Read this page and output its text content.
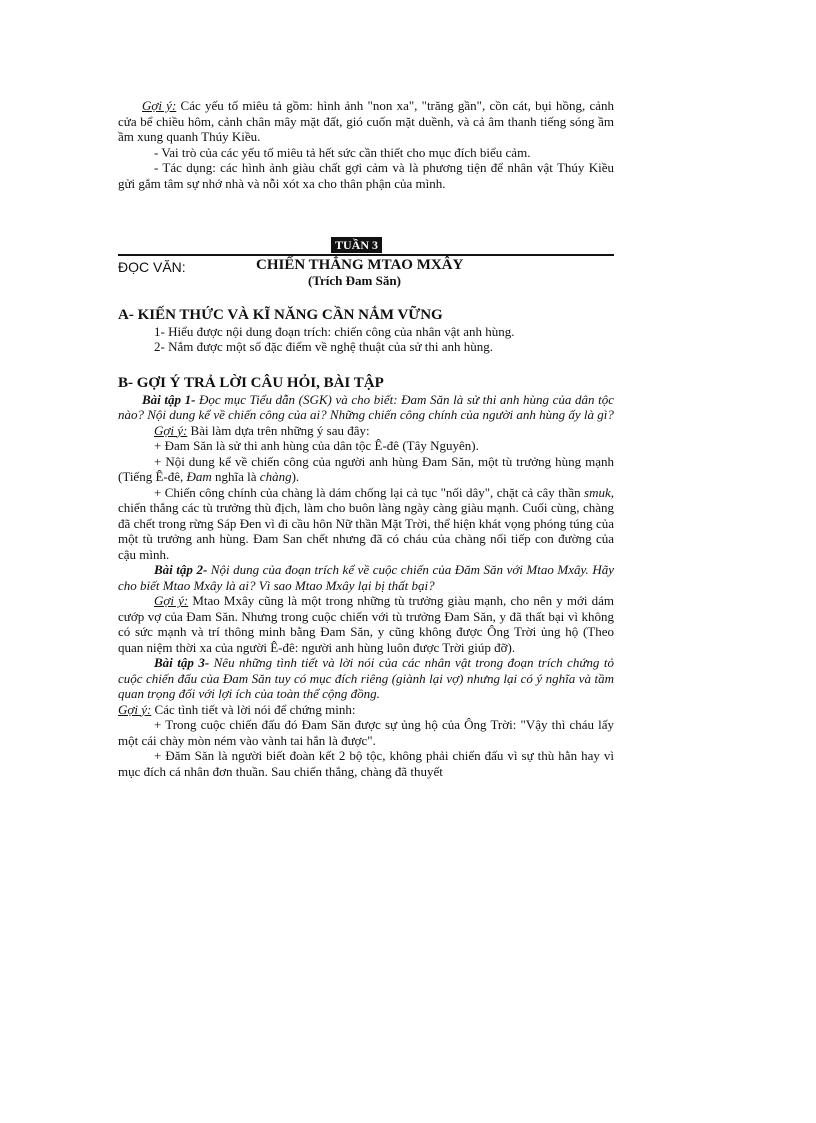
Gợi ý: Các yếu tố miêu tả gồm: hình ảnh "non xa", "trăng gần", cồn cát, bụi hồng, cảnh cửa bể chiều hôm, cảnh chân mây mặt đất, gió cuốn mặt duềnh, và cả âm thanh tiếng sóng ầm ầm xung quanh Thúy Kiều.

- Vai trò của các yếu tố miêu tả hết sức cần thiết cho mục đích biểu cảm.

- Tác dụng: các hình ảnh giàu chất gợi cảm và là phương tiện để nhân vật Thúy Kiều gửi gắm tâm sự nhớ nhà và nỗi xót xa cho thân phận của mình.

TUẦN 3
ĐỌC VĂN:	CHIẾN THẮNG MTAO MXÂY

(Trích Đam Săn)

A- KIẾN THỨC VÀ KĨ NĂNG CẦN NẮM VỮNG
1- Hiểu được nội dung đoạn trích: chiến công của nhân vật anh hùng.
2- Nắm được một số đặc điểm về nghệ thuật của sử thi anh hùng.
B- GỢI Ý TRẢ LỜI CÂU HỎI, BÀI TẬP

Bài tập 1- Đọc mục Tiểu dẫn (SGK) và cho biết: Đam Săn là sử thi anh hùng của dân tộc nào? Nội dung kể về chiến công của ai? Những chiến công chính của người anh hùng ấy là gì?

Gợi ý: Bài làm dựa trên những ý sau đây:

+ Đam Săn là sử thi anh hùng của dân tộc Ê-đê (Tây Nguyên).

+ Nội dung kể về chiến công của người anh hùng Đam Săn, một tù trưởng hùng mạnh (Tiếng Ê-đê, Đam nghĩa là chàng).

+ Chiến công chính của chàng là dám chống lại cả tục "nối dây", chặt cả cây thần smuk, chiến thắng các tù trưởng thù địch, làm cho buôn làng ngày càng giàu mạnh. Cuối cùng, chàng đã chết trong rừng Sáp Đen vì đi cầu hôn Nữ thần Mặt Trời, thể hiện khát vọng phóng túng của một tù trưởng anh hùng. Đam San chết nhưng đã có cháu của chàng nối tiếp con đường của cậu mình.

Bài tập 2- Nội dung của đoạn trích kể về cuộc chiến của Đăm Săn với Mtao Mxây. Hãy cho biết Mtao Mxây là ai? Vì sao Mtao Mxây lại bị thất bại?

Gợi ý: Mtao Mxây cũng là một trong những tù trưởng giàu mạnh, cho nên y mới dám cướp vợ của Đam Săn. Nhưng trong cuộc chiến với tù trưởng Đam Săn, y đã thất bại vì không có sức mạnh và trí thông minh bằng Đam Săn, y cũng không được Ông Trời ủng hộ (Theo quan niệm thời xa của người Ê-đê: người anh hùng luôn được Trời giúp đỡ).

Bài tập 3- Nêu những tình tiết và lời nói của các nhân vật trong đoạn trích chứng tỏ cuộc chiến đấu của Đam Săn tuy có mục đích riêng (giành lại vợ) nhưng lại có ý nghĩa và tầm quan trọng đối với lợi ích của toàn thể cộng đồng.

Gợi ý: Các tình tiết và lời nói để chứng minh:

+ Trong cuộc chiến đấu đó Đam Săn được sự ủng hộ của Ông Trời: "Vậy thì cháu lấy một cái chày mòn ném vào vành tai hắn là được".

+ Đăm Săn là người biết đoàn kết 2 bộ tộc, không phải chiến đấu vì sự thù hằn hay vì mục đích cá nhân đơn thuần. Sau chiến thắng, chàng đã thuyết
